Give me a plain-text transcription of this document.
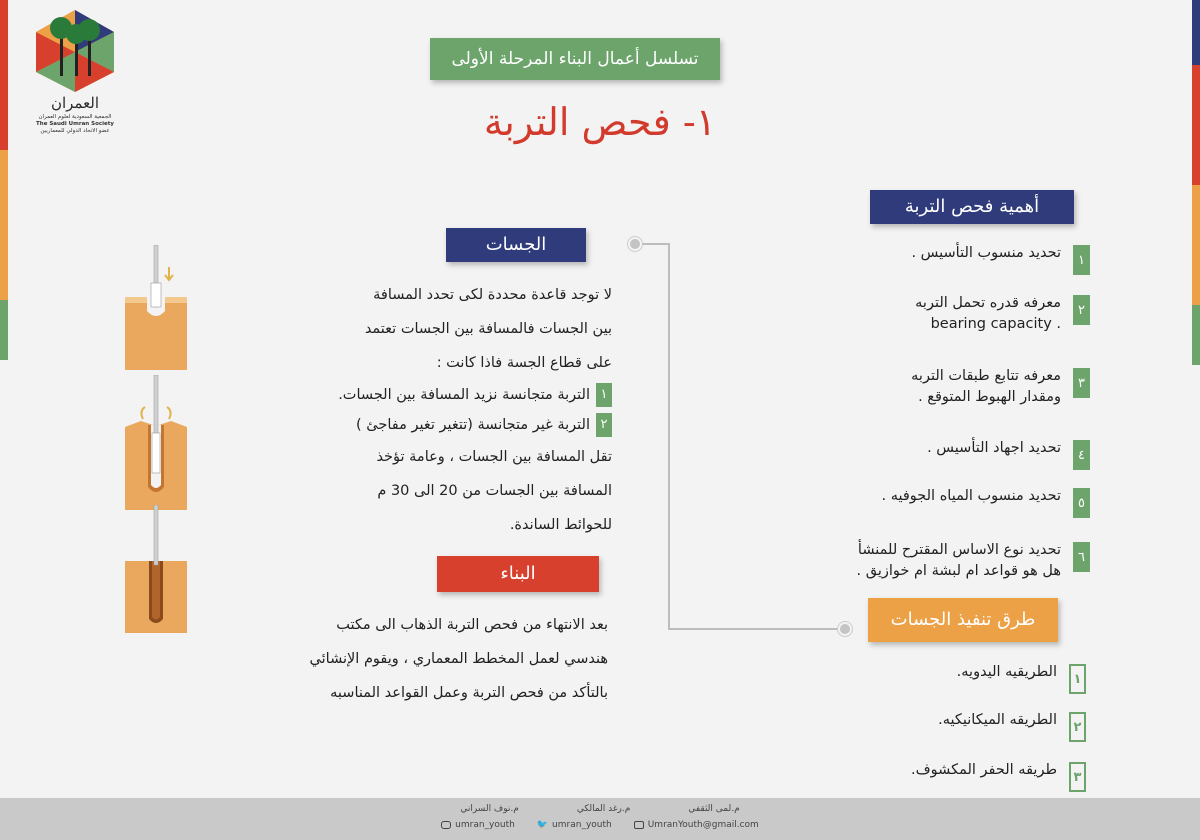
العمران
الجمعية السعودية لعلوم العمران
The Saudi Umran Society
عضو الاتحاد الدولي للمعماريين
تسلسل أعمال البناء المرحلة الأولى
١- فحص التربة
أهمية فحص التربة
١
تحديد منسوب التأسيس .
٢
معرفه قدره تحمل التربه
. bearing capacity
٣
معرفه تتابع طبقات التربه
ومقدار الهبوط المتوقع .
٤
تحديد اجهاد التأسيس .
٥
تحديد منسوب المياه الجوفيه .
٦
تحديد نوع الاساس المقترح للمنشأ
هل هو قواعد ام لبشة ام خوازيق .
الجسات

لا توجد قاعدة محددة لكى تحدد المسافة

بين الجسات فالمسافة بين الجسات تعتمد

على قطاع الجسة فاذا كانت :

١
التربة متجانسة نزيد المسافة بين الجسات.

٢
التربة غير متجانسة (تتغير تغير مفاجئ )

تقل المسافة بين الجسات ، وعامة تؤخذ

المسافة بين الجسات من 20 الى 30 م

للحوائط الساندة.

البناء

بعد الانتهاء من فحص التربة الذهاب الى مكتب

هندسي لعمل المخطط المعماري ، ويقوم الإنشائي

بالتأكد من فحص التربة وعمل القواعد المناسبه

طرق تنفيذ الجسات
١
الطريقيه اليدويه.
٢
الطريقه الميكانيكيه.
٣
طريقه الحفر المكشوف.
م.نوف السراني	م.رغد المالكي	م.لمى الثقفي
umran_youth 🐦 umran_youth	UmranYouth@gmail.com
